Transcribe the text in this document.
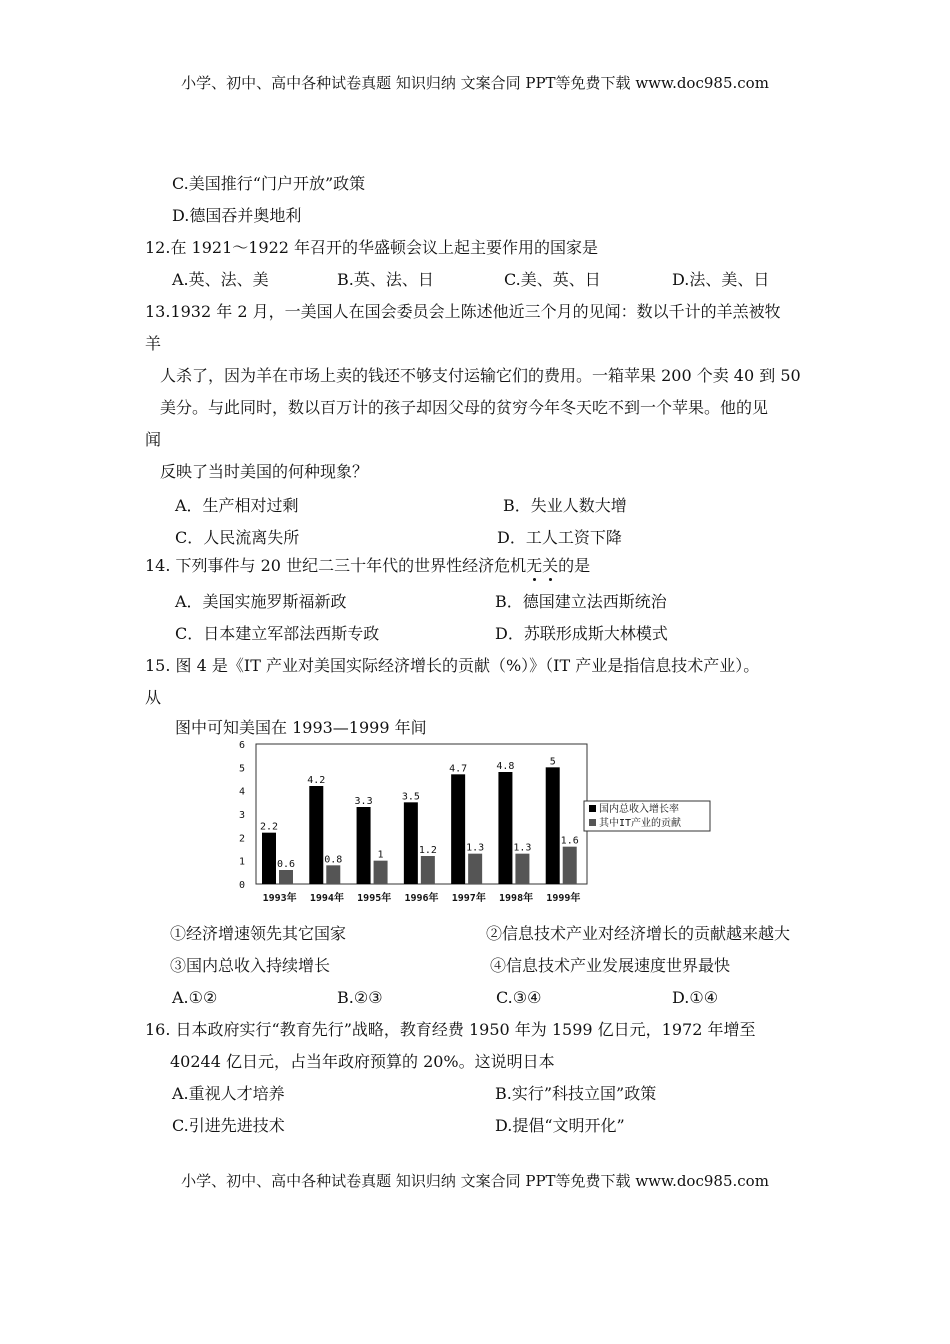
小学、初中、高中各种试卷真题 知识归纳 文案合同 PPT等免费下载 www.doc985.com
C.美国推行“门户开放”政策
D.德国吞并奥地利
12.在 1921～1922 年召开的华盛顿会议上起主要作用的国家是
A.英、法、美	B.英、法、日	C.美、英、日	D.法、美、日
13.1932 年 2 月，一美国人在国会委员会上陈述他近三个月的见闻：数以千计的羊羔被牧
羊
人杀了，因为羊在市场上卖的钱还不够支付运输它们的费用。一箱苹果 200 个卖 40 到 50
美分。与此同时，数以百万计的孩子却因父母的贫穷今年冬天吃不到一个苹果。他的见
闻
反映了当时美国的何种现象？
A．生产相对过剩	B．失业人数大增
C．人民流离失所	D．工人工资下降
14. 下列事件与 20 世纪二三十年代的世界性经济危机无关的是
A．美国实施罗斯福新政	B．德国建立法西斯统治
C．日本建立军部法西斯专政	D．苏联形成斯大林模式
15. 图 4 是《IT 产业对美国实际经济增长的贡献（%）》（IT 产业是指信息技术产业）。
从
图中可知美国在 1993—1999 年间
0
1
2
3
4
5
6
2.2
0.6
4.2
0.8
3.3
1
3.5
1.2
4.7
1.3
4.8
1.3
5
1.6
1993年 1994年 1995年 1996年 1997年 1998年 1999年
国内总收入增长率
其中IT产业的贡献
①经济增速领先其它国家	②信息技术产业对经济增长的贡献越来越大
③国内总收入持续增长	④信息技术产业发展速度世界最快
A.①②	B.②③	C.③④	D.①④
16. 日本政府实行“教育先行”战略，教育经费 1950 年为 1599 亿日元，1972 年增至
40244 亿日元，占当年政府预算的 20%。这说明日本
A.重视人才培养	B.实行”科技立国”政策
C.引进先进技术	D.提倡“文明开化”
小学、初中、高中各种试卷真题 知识归纳 文案合同 PPT等免费下载 www.doc985.com
